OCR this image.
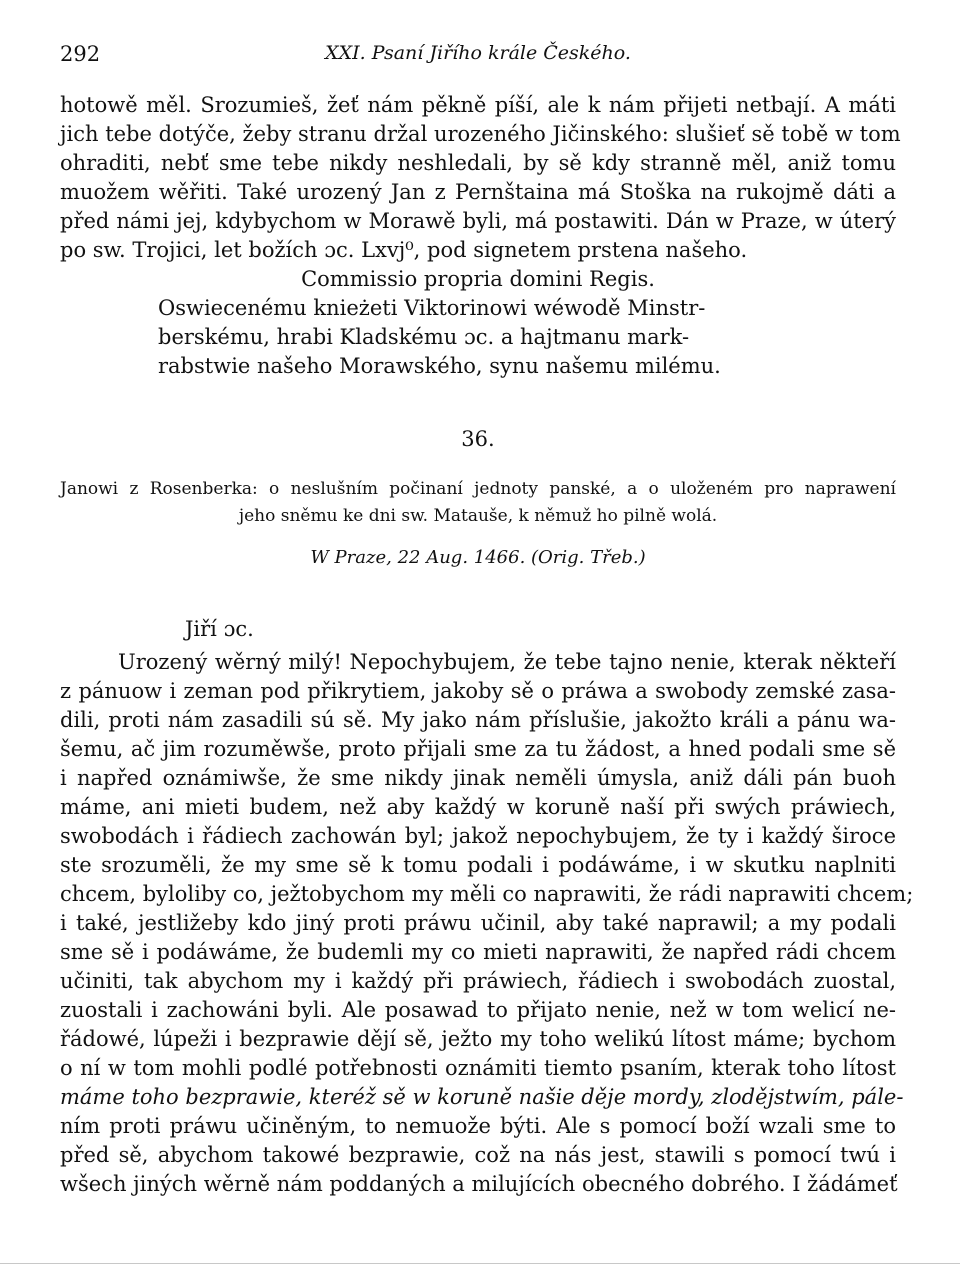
292	XXI. Psaní Jiřího krále Českého.
hotowě měl. Srozumieš, žeť nám pěkně píší, ale k nám přijeti netbají. A máti
jich tebe dotýče, žeby stranu držal urozeného Jičinského: slušieť sě tobě w tom
ohraditi, nebť sme tebe nikdy neshledali, by sě kdy stranně měl, aniž tomu
muožem wěřiti. Také urozený Jan z Pernštaina má Stoška na rukojmě dáti a
před námi jej, kdybychom w Morawě byli, má postawiti. Dán w Praze, w úterý
po sw. Trojici, let božích ɔc. Lxvj⁰, pod signetem prstena našeho.
Commissio propria domini Regis.
Oswiecenému knieżeti Viktorinowi wéwodě Minstr-
berskému, hrabi Kladskému ɔc. a hajtmanu mark-
rabstwie našeho Morawského, synu našemu milému.
36.
Janowi z Rosenberka: o neslušním počinaní jednoty panské, a o uloženém pro naprawení
jeho sněmu ke dni sw. Matauše, k němuž ho pilně wolá.
W Praze, 22 Aug. 1466. (Orig. Třeb.)
Jiří ɔc.
Urozený wěrný milý! Nepochybujem, že tebe tajno nenie, kterak někteří
z pánuow i zeman pod přikrytiem, jakoby sě o práwa a swobody zemské zasa-
dili, proti nám zasadili sú sě. My jako nám příslušie, jakožto králi a pánu wa-
šemu, ač jim rozuměwše, proto přijali sme za tu žádost, a hned podali sme sě
i napřed oznámiwše, že sme nikdy jinak neměli úmysla, aniž dáli pán buoh
máme, ani mieti budem, než aby každý w koruně naší při swých práwiech,
swobodách i řádiech zachowán byl; jakož nepochybujem, že ty i každý široce
ste srozuměli, že my sme sě k tomu podali i podáwáme, i w skutku naplniti
chcem, byloliby co, ježtobychom my měli co naprawiti, že rádi naprawiti chcem;
i také, jestližeby kdo jiný proti práwu učinil, aby také naprawil; a my podali
sme sě i podáwáme, že budemli my co mieti naprawiti, že napřed rádi chcem
učiniti, tak abychom my i každý při práwiech, řádiech i swobodách zuostal,
zuostali i zachowáni byli. Ale posawad to přijato nenie, než w tom welicí ne-
řádowé, lúpeži i bezprawie dějí sě, ježto my toho welikú lítost máme; bychom
o ní w tom mohli podlé potřebnosti oznámiti tiemto psaním, kterak toho lítost
máme toho bezprawie, kteréž sě w koruně našie děje mordy, zlodějstwím, pále-
ním proti práwu učiněným, to nemuože býti. Ale s pomocí boží wzali sme to
před sě, abychom takowé bezprawie, což na nás jest, stawili s pomocí twú i
wšech jiných wěrně nám poddaných a milujících obecného dobrého. I žádámeť
